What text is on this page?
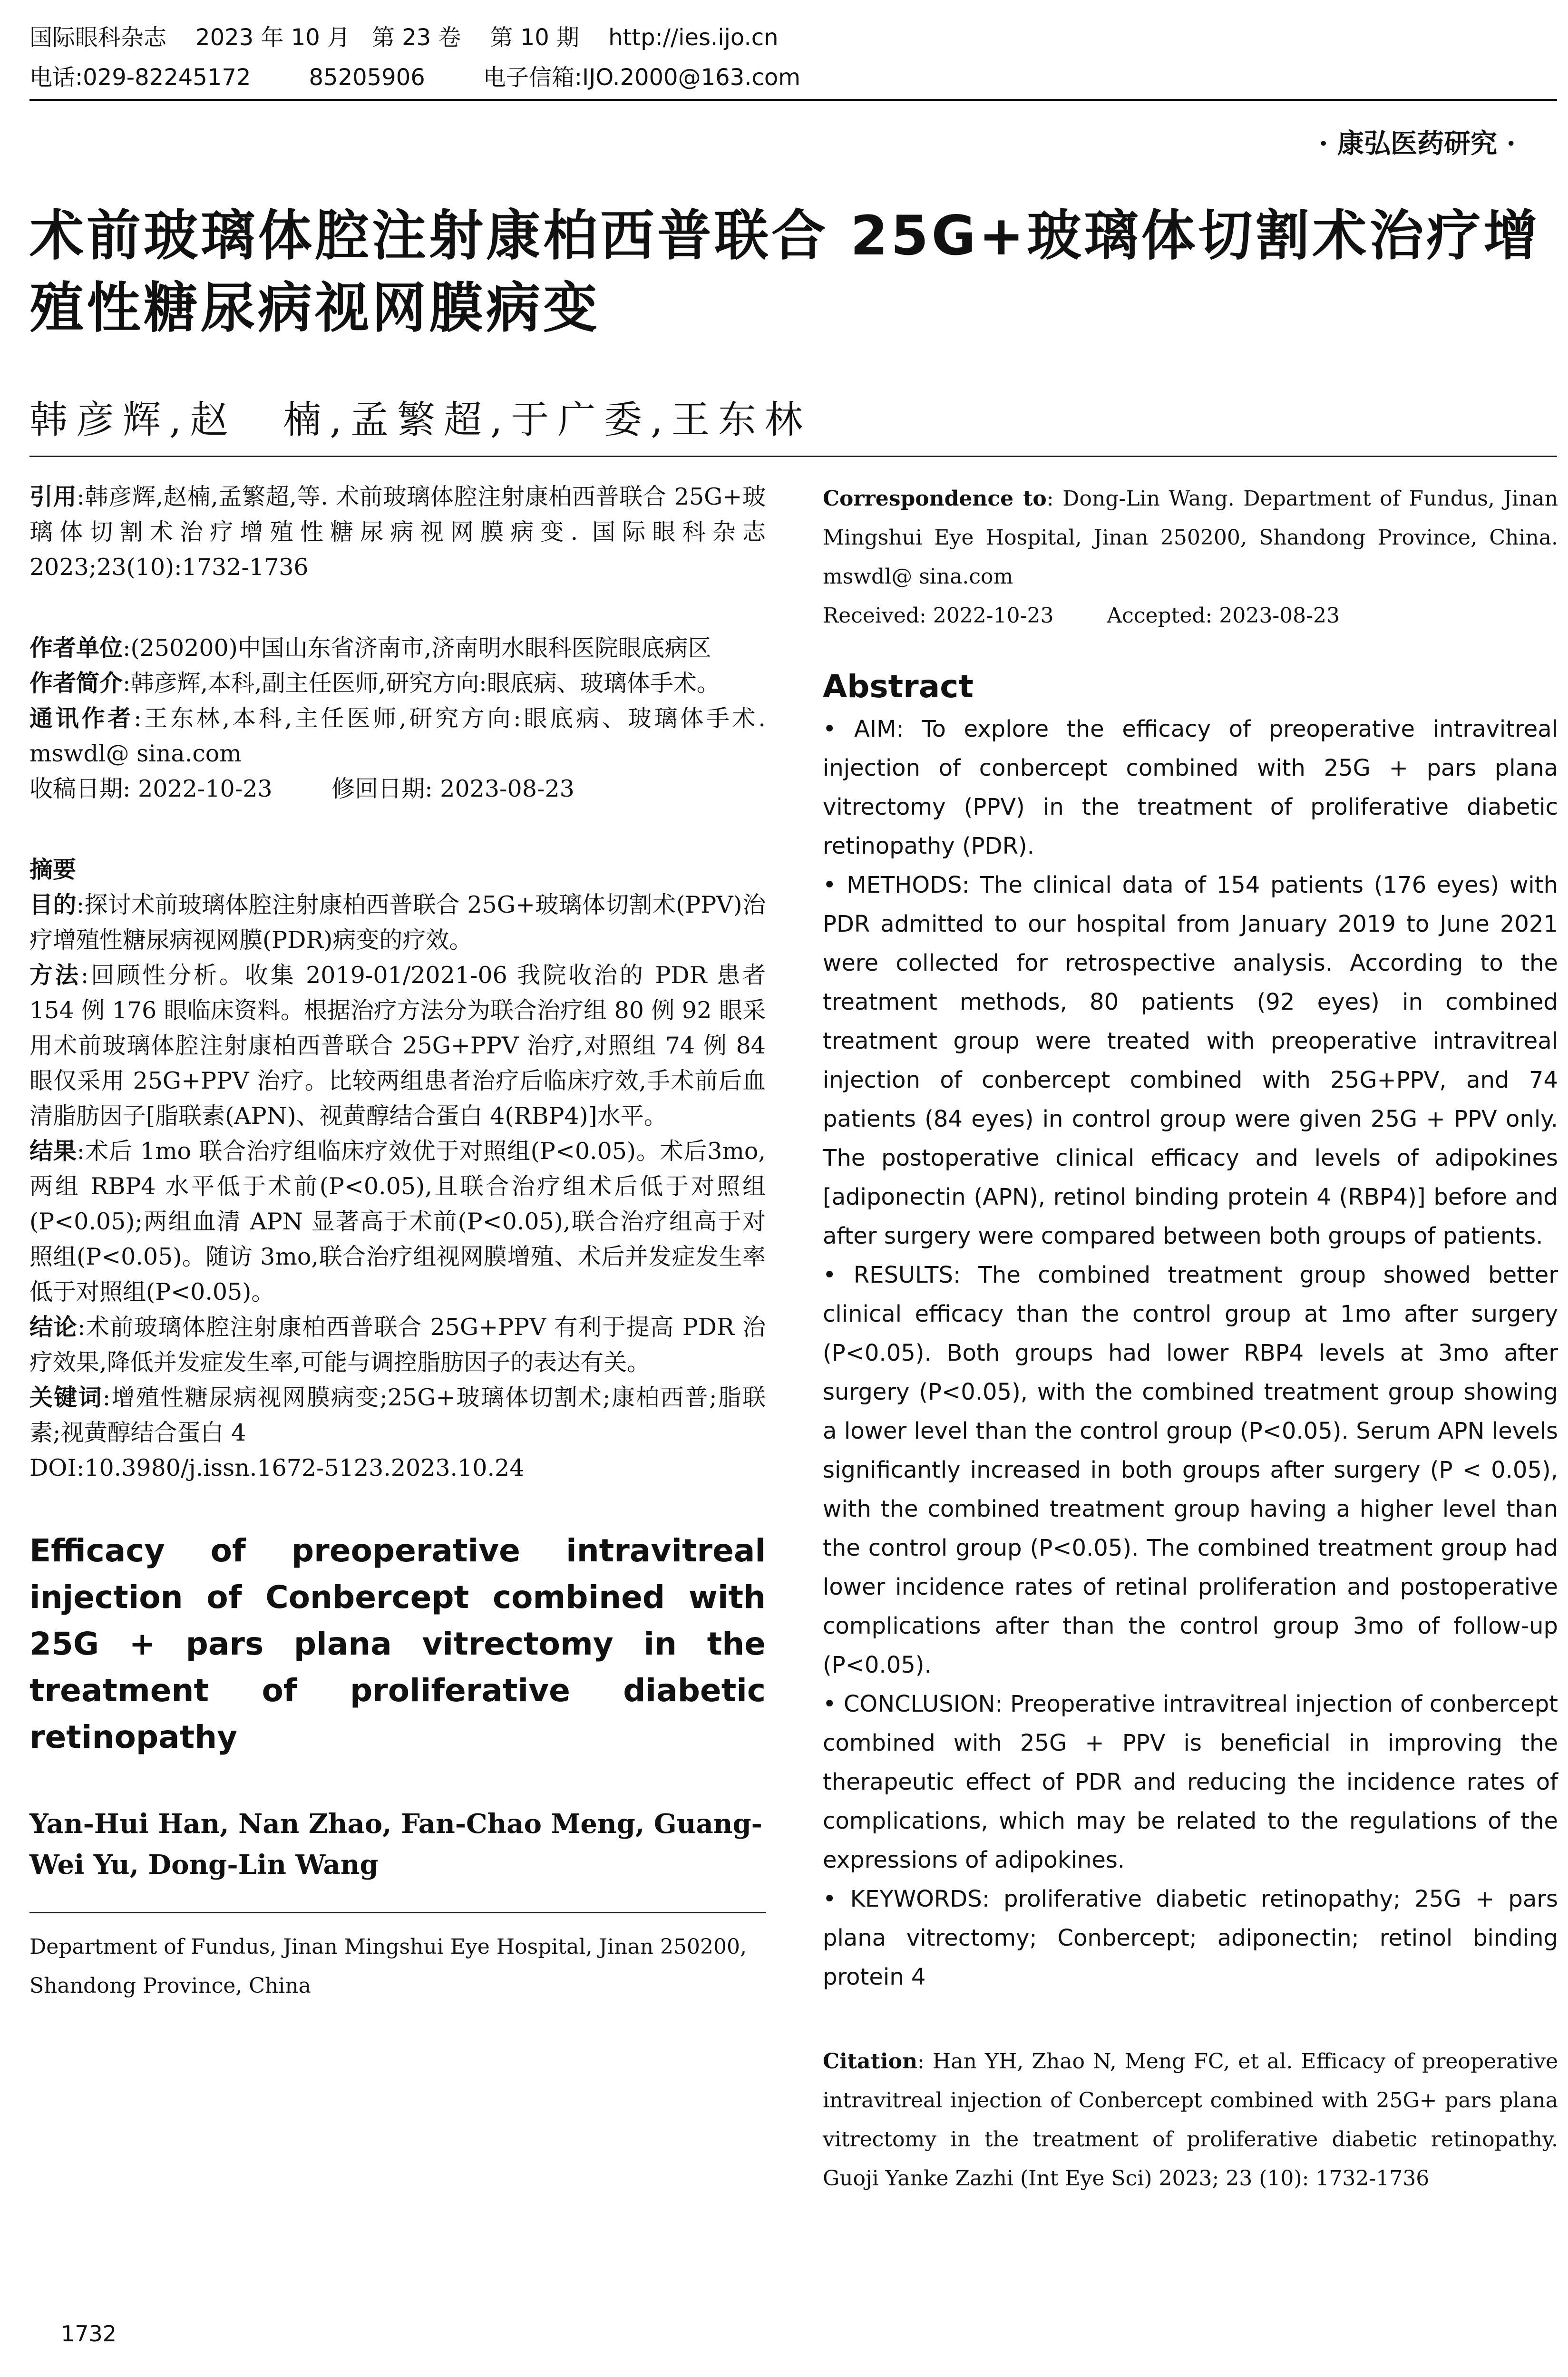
国际眼科杂志    2023 年 10 月   第 23 卷    第 10 期    http://ies.ijo.cn
电话:029-82245172        85205906        电子信箱:IJO.2000@163.com
· 康弘医药研究 ·
术前玻璃体腔注射康柏西普联合 25G+玻璃体切割术治疗增殖性糖尿病视网膜病变
韩彦辉,赵　楠,孟繁超,于广委,王东林

引用:韩彦辉,赵楠,孟繁超,等. 术前玻璃体腔注射康柏西普联合 25G+玻璃体切割术治疗增殖性糖尿病视网膜病变. 国际眼科杂志 2023;23(10):1732-1736

作者单位:(250200)中国山东省济南市,济南明水眼科医院眼底病区

作者简介:韩彦辉,本科,副主任医师,研究方向:眼底病、玻璃体手术。

通讯作者:王东林,本科,主任医师,研究方向:眼底病、玻璃体手术. mswdl@ sina.com

收稿日期: 2022-10-23        修回日期: 2023-08-23

摘要

目的:探讨术前玻璃体腔注射康柏西普联合 25G+玻璃体切割术(PPV)治疗增殖性糖尿病视网膜(PDR)病变的疗效。

方法:回顾性分析。收集 2019-01/2021-06 我院收治的 PDR 患者 154 例 176 眼临床资料。根据治疗方法分为联合治疗组 80 例 92 眼采用术前玻璃体腔注射康柏西普联合 25G+PPV 治疗,对照组 74 例 84 眼仅采用 25G+PPV 治疗。比较两组患者治疗后临床疗效,手术前后血清脂肪因子[脂联素(APN)、视黄醇结合蛋白 4(RBP4)]水平。

结果:术后 1mo 联合治疗组临床疗效优于对照组(P<0.05)。术后3mo,两组 RBP4 水平低于术前(P<0.05),且联合治疗组术后低于对照组(P<0.05);两组血清 APN 显著高于术前(P<0.05),联合治疗组高于对照组(P<0.05)。随访 3mo,联合治疗组视网膜增殖、术后并发症发生率低于对照组(P<0.05)。

结论:术前玻璃体腔注射康柏西普联合 25G+PPV 有利于提高 PDR 治疗效果,降低并发症发生率,可能与调控脂肪因子的表达有关。

关键词:增殖性糖尿病视网膜病变;25G+玻璃体切割术;康柏西普;脂联素;视黄醇结合蛋白 4

DOI:10.3980/j.issn.1672-5123.2023.10.24

Efficacy of preoperative intravitreal injection of Conbercept combined with 25G + pars plana vitrectomy in the treatment of proliferative diabetic retinopathy

Yan-Hui Han, Nan Zhao, Fan-Chao Meng, Guang-Wei Yu, Dong-Lin Wang

Department of Fundus, Jinan Mingshui Eye Hospital, Jinan 250200, Shandong Province, China

Correspondence to: Dong-Lin Wang. Department of Fundus, Jinan Mingshui Eye Hospital, Jinan 250200, Shandong Province, China. mswdl@ sina.com

Received: 2022-10-23        Accepted: 2023-08-23

Abstract

• AIM: To explore the efficacy of preoperative intravitreal injection of conbercept combined with 25G + pars plana vitrectomy (PPV) in the treatment of proliferative diabetic retinopathy (PDR).

• METHODS: The clinical data of 154 patients (176 eyes) with PDR admitted to our hospital from January 2019 to June 2021 were collected for retrospective analysis. According to the treatment methods, 80 patients (92 eyes) in combined treatment group were treated with preoperative intravitreal injection of conbercept combined with 25G+PPV, and 74 patients (84 eyes) in control group were given 25G + PPV only. The postoperative clinical efficacy and levels of adipokines [adiponectin (APN), retinol binding protein 4 (RBP4)] before and after surgery were compared between both groups of patients.

• RESULTS: The combined treatment group showed better clinical efficacy than the control group at 1mo after surgery (P<0.05). Both groups had lower RBP4 levels at 3mo after surgery (P<0.05), with the combined treatment group showing a lower level than the control group (P<0.05). Serum APN levels significantly increased in both groups after surgery (P < 0.05), with the combined treatment group having a higher level than the control group (P<0.05). The combined treatment group had lower incidence rates of retinal proliferation and postoperative complications after than the control group 3mo of follow-up (P<0.05).

• CONCLUSION: Preoperative intravitreal injection of conbercept combined with 25G + PPV is beneficial in improving the therapeutic effect of PDR and reducing the incidence rates of complications, which may be related to the regulations of the expressions of adipokines.

• KEYWORDS: proliferative diabetic retinopathy; 25G + pars plana vitrectomy; Conbercept; adiponectin; retinol binding protein 4

Citation: Han YH, Zhao N, Meng FC, et al. Efficacy of preoperative intravitreal injection of Conbercept combined with 25G+ pars plana vitrectomy in the treatment of proliferative diabetic retinopathy. Guoji Yanke Zazhi (Int Eye Sci) 2023; 23 (10): 1732-1736

1732
